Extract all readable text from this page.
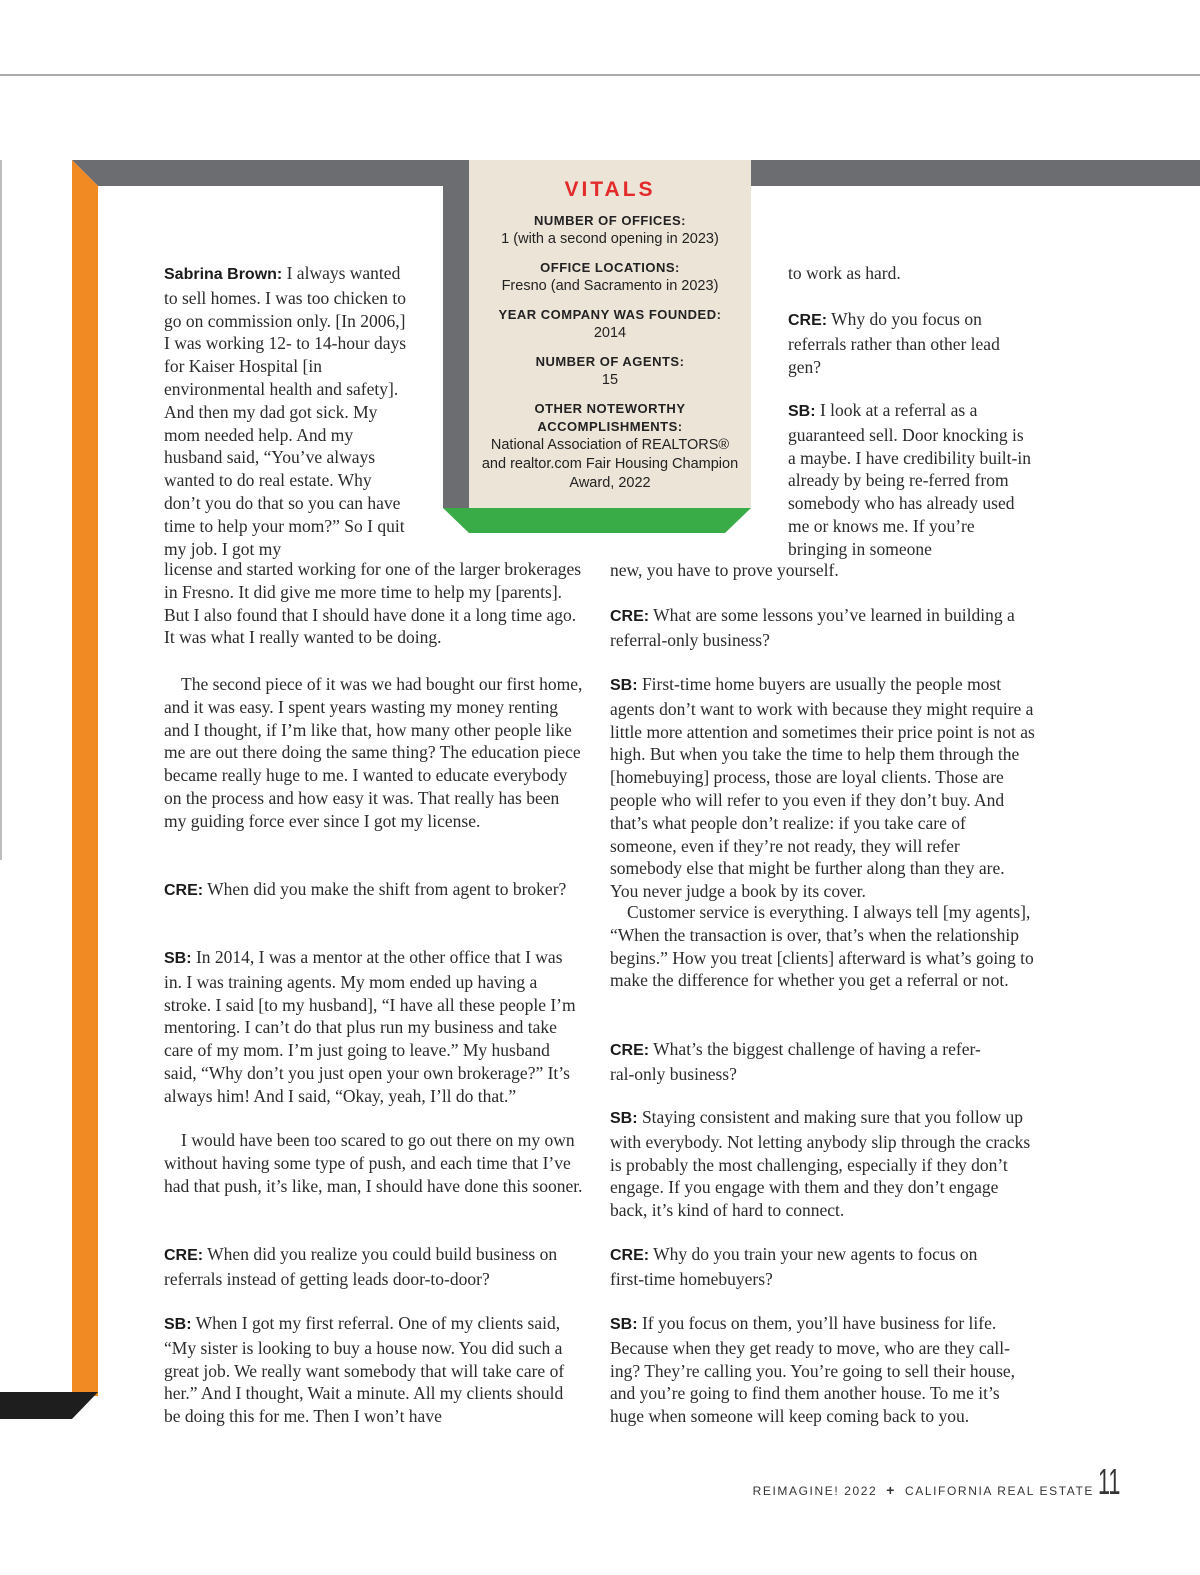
VITALS
NUMBER OF OFFICES:
1 (with a second opening in 2023)
OFFICE LOCATIONS:
Fresno (and Sacramento in 2023)
YEAR COMPANY WAS FOUNDED:
2014
NUMBER OF AGENTS:
15
OTHER NOTEWORTHY ACCOMPLISHMENTS:
National Association of REALTORS® and realtor.com Fair Housing Champion Award, 2022

Sabrina Brown: I always wanted to sell homes. I was too chicken to go on commission only. [In 2006,] I was working 12- to 14-hour days for Kaiser Hospital [in environmental health and safety]. And then my dad got sick. My mom needed help. And my husband said, “You’ve always wanted to do real estate. Why don’t you do that so you can have time to help your mom?” So I quit my job. I got my

license and started working for one of the larger brokerages in Fresno. It did give me more time to help my [parents]. But I also found that I should have done it a long time ago. It was what I really wanted to be doing.

The second piece of it was we had bought our first home, and it was easy. I spent years wasting my money renting and I thought, if I’m like that, how many other people like me are out there doing the same thing? The education piece became really huge to me. I wanted to educate everybody on the process and how easy it was. That really has been my guiding force ever since I got my license.

CRE: When did you make the shift from agent to broker?

SB: In 2014, I was a mentor at the other office that I was in. I was training agents. My mom ended up having a stroke. I said [to my husband], “I have all these people I’m mentoring. I can’t do that plus run my business and take care of my mom. I’m just going to leave.” My husband said, “Why don’t you just open your own brokerage?” It’s always him! And I said, “Okay, yeah, I’ll do that.”

I would have been too scared to go out there on my own without having some type of push, and each time that I’ve had that push, it’s like, man, I should have done this sooner.

CRE: When did you realize you could build business on referrals instead of getting leads door-to-door?

SB: When I got my first referral. One of my clients said, “My sister is looking to buy a house now. You did such a great job. We really want somebody that will take care of her.” And I thought, Wait a minute. All my clients should be doing this for me. Then I won’t have

to work as hard.

CRE: Why do you focus on referrals rather than other lead gen?

SB: I look at a referral as a guaranteed sell. Door knocking is a maybe. I have credibility built-in already by being re-ferred from somebody who has already used me or knows me. If you’re bringing in someone

new, you have to prove yourself.

CRE: What are some lessons you’ve learned in building a referral-only business?

SB: First-time home buyers are usually the people most agents don’t want to work with because they might require a little more attention and sometimes their price point is not as high. But when you take the time to help them through the [homebuying] process, those are loyal clients. Those are people who will refer to you even if they don’t buy. And that’s what people don’t realize: if you take care of someone, even if they’re not ready, they will refer somebody else that might be further along than they are. You never judge a book by its cover.

Customer service is everything. I always tell [my agents], “When the transaction is over, that’s when the relationship begins.” How you treat [clients] afterward is what’s going to make the difference for whether you get a referral or not.

CRE: What’s the biggest challenge of having a refer-ral-only business?

SB: Staying consistent and making sure that you follow up with everybody. Not letting anybody slip through the cracks is probably the most challenging, especially if they don’t engage. If you engage with them and they don’t engage back, it’s kind of hard to connect.

CRE: Why do you train your new agents to focus on first-time homebuyers?

SB: If you focus on them, you’ll have business for life. Because when they get ready to move, who are they call-ing? They’re calling you. You’re going to sell their house, and you’re going to find them another house. To me it’s huge when someone will keep coming back to you.

REIMAGINE! 2022 + CALIFORNIA REAL ESTATE 11
